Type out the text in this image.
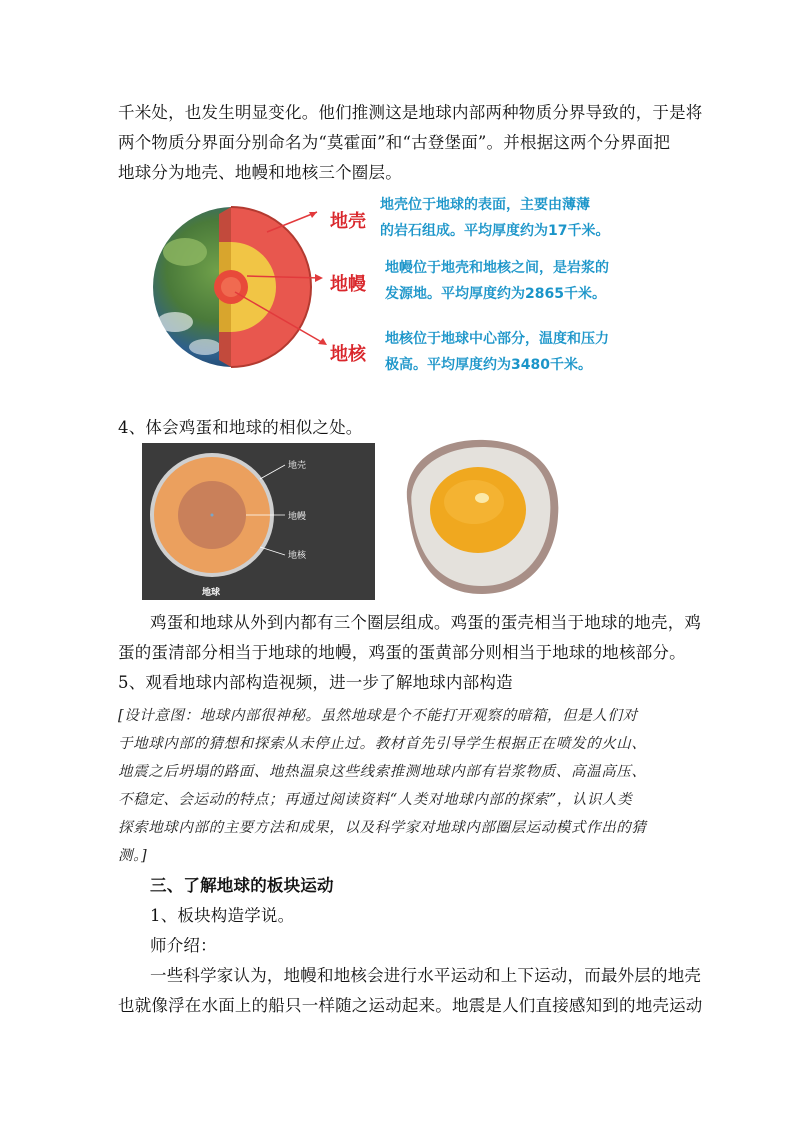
千米处，也发生明显变化。他们推测这是地球内部两种物质分界导致的，于是将
两个物质分界面分别命名为“莫霍面”和“古登堡面”。并根据这两个分界面把
地球分为地壳、地幔和地核三个圈层。
地壳
地幔
地核
地壳位于地球的表面，主要由薄薄
的岩石组成。平均厚度约为17千米。
地幔位于地壳和地核之间，是岩浆的
发源地。平均厚度约为2865千米。
地核位于地球中心部分，温度和压力
极高。平均厚度约为3480千米。
4、体会鸡蛋和地球的相似之处。
地壳
地幔
地核
地球
鸡蛋和地球从外到内都有三个圈层组成。鸡蛋的蛋壳相当于地球的地壳，鸡
蛋的蛋清部分相当于地球的地幔，鸡蛋的蛋黄部分则相当于地球的地核部分。
5、观看地球内部构造视频，进一步了解地球内部构造
[设计意图：地球内部很神秘。虽然地球是个不能打开观察的暗箱，但是人们对
于地球内部的猜想和探索从未停止过。教材首先引导学生根据正在喷发的火山、
地震之后坍塌的路面、地热温泉这些线索推测地球内部有岩浆物质、高温高压、
不稳定、会运动的特点；再通过阅读资料“人类对地球内部的探索”，认识人类
探索地球内部的主要方法和成果，以及科学家对地球内部圈层运动模式作出的猜
测。]
三、了解地球的板块运动
1、板块构造学说。
师介绍：
一些科学家认为，地幔和地核会进行水平运动和上下运动，而最外层的地壳
也就像浮在水面上的船只一样随之运动起来。地震是人们直接感知到的地壳运动
